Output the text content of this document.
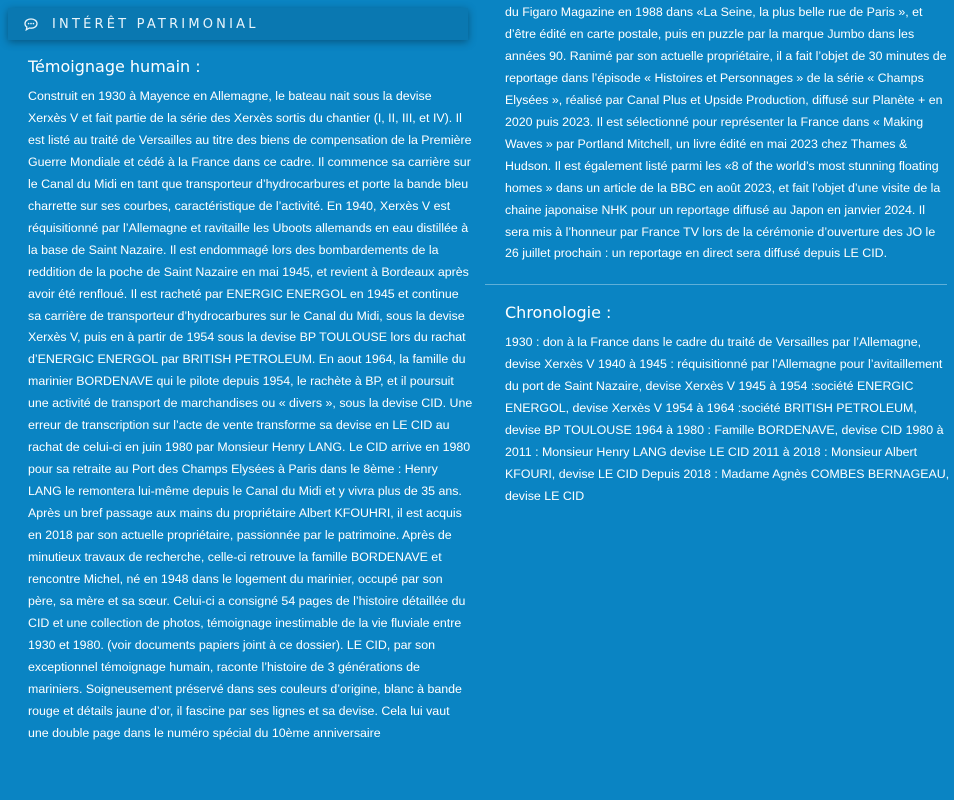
INTÉRÊT PATRIMONIAL
Témoignage humain :

Construit en 1930 à Mayence en Allemagne, le bateau nait sous la devise Xerxès V et fait partie de la série des Xerxès sortis du chantier (I, II, III, et IV). Il est listé au traité de Versailles au titre des biens de compensation de la Première Guerre Mondiale et cédé à la France dans ce cadre. Il commence sa carrière sur le Canal du Midi en tant que transporteur d’hydrocarbures et porte la bande bleu charrette sur ses courbes, caractéristique de l’activité. En 1940, Xerxès V est réquisitionné par l’Allemagne et ravitaille les Uboots allemands en eau distillée à la base de Saint Nazaire. Il est endommagé lors des bombardements de la reddition de la poche de Saint Nazaire en mai 1945, et revient à Bordeaux après avoir été renfloué. Il est racheté par ENERGIC ENERGOL en 1945 et continue sa carrière de transporteur d’hydrocarbures sur le Canal du Midi, sous la devise Xerxès V, puis en à partir de 1954 sous la devise BP TOULOUSE lors du rachat d’ENERGIC ENERGOL par BRITISH PETROLEUM. En aout 1964, la famille du marinier BORDENAVE qui le pilote depuis 1954, le rachète à BP, et il poursuit une activité de transport de marchandises ou « divers », sous la devise CID. Une erreur de transcription sur l’acte de vente transforme sa devise en LE CID au rachat de celui-ci en juin 1980 par Monsieur Henry LANG. Le CID arrive en 1980 pour sa retraite au Port des Champs Elysées à Paris dans le 8ème : Henry LANG le remontera lui-même depuis le Canal du Midi et y vivra plus de 35 ans. Après un bref passage aux mains du propriétaire Albert KFOUHRI, il est acquis en 2018 par son actuelle propriétaire, passionnée par le patrimoine. Après de minutieux travaux de recherche, celle-ci retrouve la famille BORDENAVE et rencontre Michel, né en 1948 dans le logement du marinier, occupé par son père, sa mère et sa sœur. Celui-ci a consigné 54 pages de l’histoire détaillée du CID et une collection de photos, témoignage inestimable de la vie fluviale entre 1930 et 1980. (voir documents papiers joint à ce dossier). LE CID, par son exceptionnel témoignage humain, raconte l’histoire de 3 générations de mariniers. Soigneusement préservé dans ses couleurs d’origine, blanc à bande rouge et détails jaune d’or, il fascine par ses lignes et sa devise. Cela lui vaut une double page dans le numéro spécial du 10ème anniversaire

du Figaro Magazine en 1988 dans «La Seine, la plus belle rue de Paris », et d’être édité en carte postale, puis en puzzle par la marque Jumbo dans les années 90. Ranimé par son actuelle propriétaire, il a fait l’objet de 30 minutes de reportage dans l’épisode « Histoires et Personnages » de la série « Champs Elysées », réalisé par Canal Plus et Upside Production, diffusé sur Planète + en 2020 puis 2023. Il est sélectionné pour représenter la France dans « Making Waves » par Portland Mitchell, un livre édité en mai 2023 chez Thames & Hudson. Il est également listé parmi les «8 of the world’s most stunning floating homes » dans un article de la BBC en août 2023, et fait l’objet d’une visite de la chaine japonaise NHK pour un reportage diffusé au Japon en janvier 2024. Il sera mis à l’honneur par France TV lors de la cérémonie d’ouverture des JO le 26 juillet prochain : un reportage en direct sera diffusé depuis LE CID.

Chronologie :

1930 : don à la France dans le cadre du traité de Versailles par l’Allemagne, devise Xerxès V 1940 à 1945 : réquisitionné par l’Allemagne pour l’avitaillement du port de Saint Nazaire, devise Xerxès V 1945 à 1954 :société ENERGIC ENERGOL, devise Xerxès V 1954 à 1964 :société BRITISH PETROLEUM, devise BP TOULOUSE 1964 à 1980 : Famille BORDENAVE, devise CID 1980 à 2011 : Monsieur Henry LANG devise LE CID 2011 à 2018 : Monsieur Albert KFOURI, devise LE CID Depuis 2018 : Madame Agnès COMBES BERNAGEAU, devise LE CID
